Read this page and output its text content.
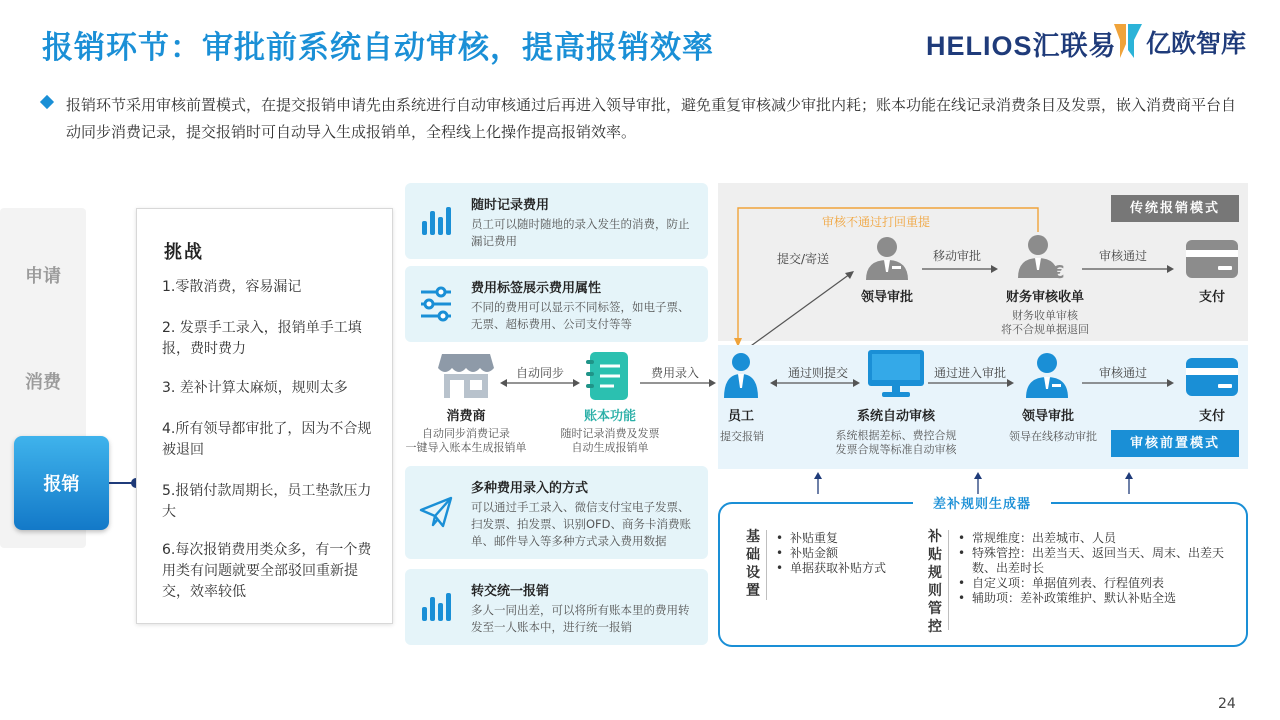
报销环节：审批前系统自动审核，提高报销效率	HELIOS汇联易 亿欧智库
报销环节采用审核前置模式，在提交报销申请先由系统进行自动审核通过后再进入领导审批，避免重复审核减少审批内耗；账本功能在线记录消费条目及发票，嵌入消费商平台自动同步消费记录，提交报销时可自动导入生成报销单，全程线上化操作提高报销效率。
申请
消费
报销
挑战
1.零散消费，容易漏记
2. 发票手工录入，报销单手工填报，费时费力
3. 差补计算太麻烦，规则太多
4.所有领导都审批了，因为不合规被退回
5.报销付款周期长，员工垫款压力大
6.每次报销费用类众多，有一个费用类有问题就要全部驳回重新提交，效率较低
随时记录费用
员工可以随时随地的录入发生的消费，防止漏记费用
费用标签展示费用属性
不同的费用可以显示不同标签，如电子票、无票、超标费用、公司支付等等
消费商
自动同步消费记录
一键导入账本生成报销单
自动同步
账本功能
随时记录消费及发票
自动生成报销单
费用录入
多种费用录入的方式
可以通过手工录入、微信支付宝电子发票、扫发票、拍发票、识别OFD、商务卡消费账单、邮件导入等多种方式录入费用数据
转交统一报销
多人一同出差，可以将所有账本里的费用转发至一人账本中，进行统一报销
传统报销模式
审核不通过打回重提
提交/寄送
领导审批
移动审批
€
财务审核收单
财务收单审核
将不合规单据退回
审核通过
支付
审核前置模式
员工
提交报销
通过则提交
系统自动审核
系统根据差标、费控合规
发票合规等标准自动审核
通过进入审批
领导审批
领导在线移动审批
审核通过
支付
差补规则生成器
基础设置
• 补贴重复
• 补贴金额
• 单据获取补贴方式
补贴规则管控
• 常规维度：出差城市、人员
• 特殊管控：出差当天、返回当天、周末、出差天数、出差时长
• 自定义项：单据值列表、行程值列表
• 辅助项：差补政策维护、默认补贴全选
24
